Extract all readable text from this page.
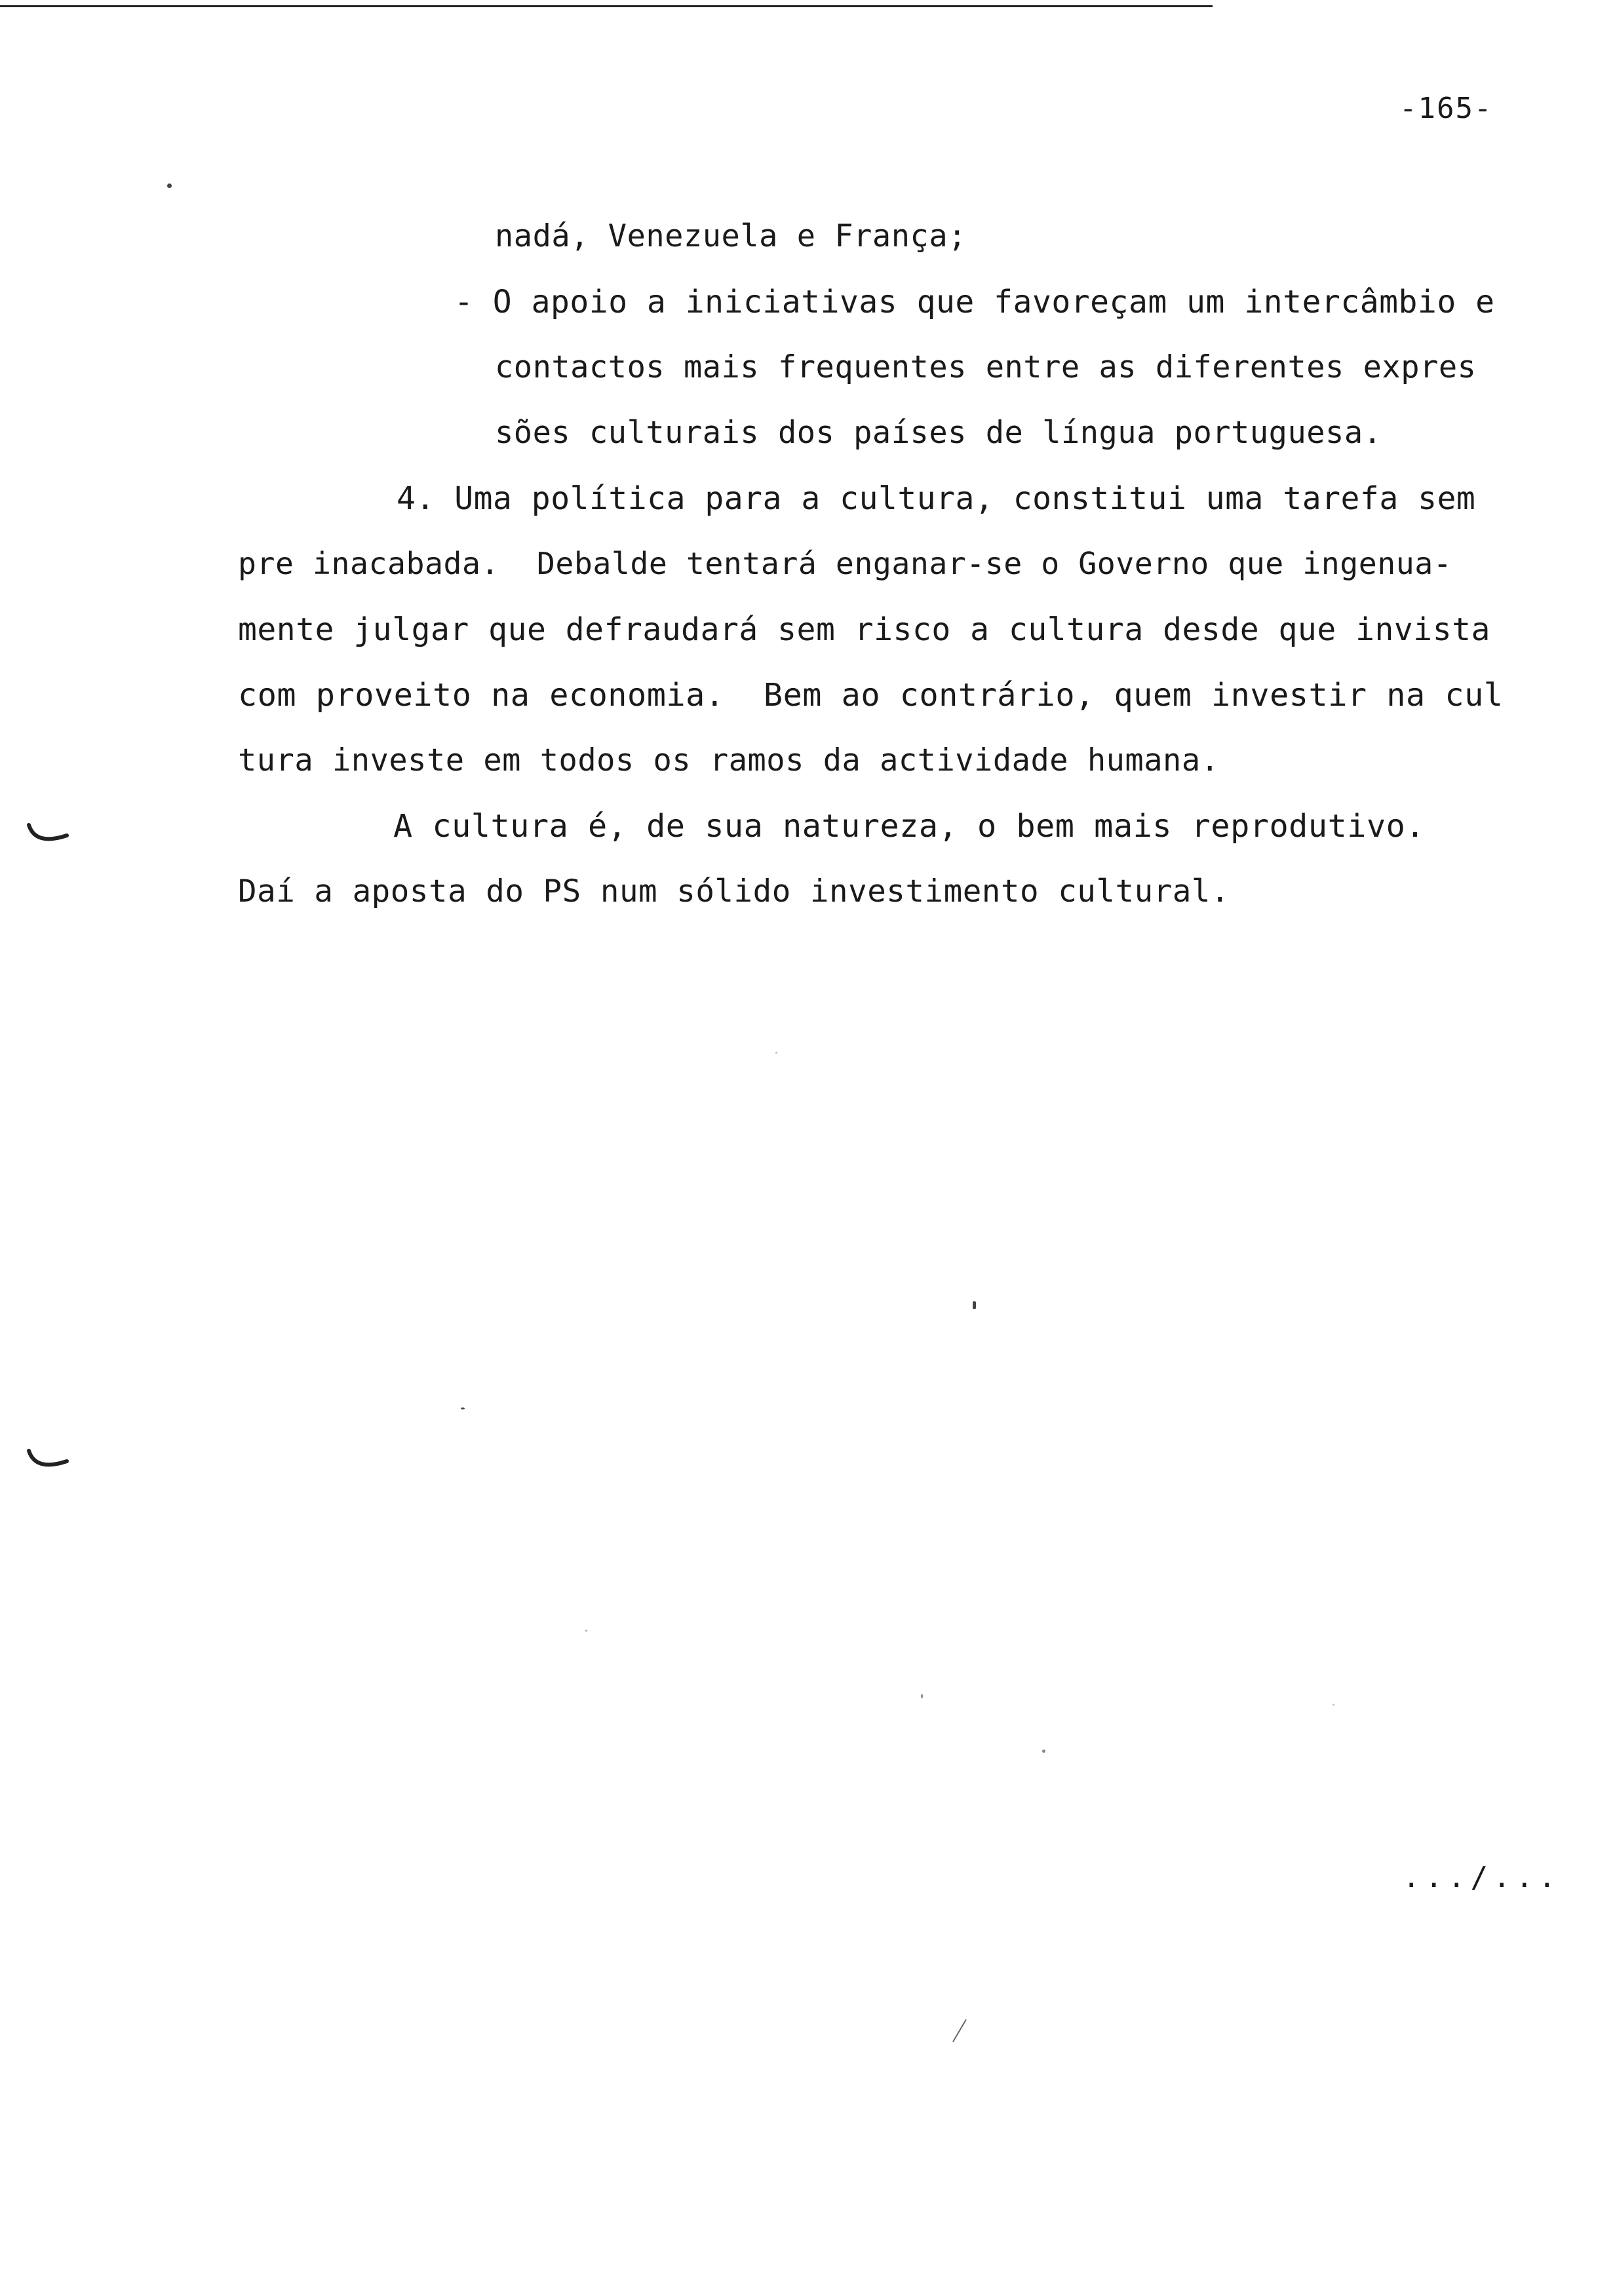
-165-
nadá, Venezuela e França;
- O apoio a iniciativas que favoreçam um intercâmbio e
contactos mais frequentes entre as diferentes expres
sões culturais dos países de língua portuguesa.
4. Uma política para a cultura, constitui uma tarefa sem
pre inacabada.  Debalde tentará enganar-se o Governo que ingenua-
mente julgar que defraudará sem risco a cultura desde que invista
com proveito na economia.  Bem ao contrário, quem investir na cul
tura investe em todos os ramos da actividade humana.
A cultura é, de sua natureza, o bem mais reprodutivo.
Daí a aposta do PS num sólido investimento cultural.
.../...
